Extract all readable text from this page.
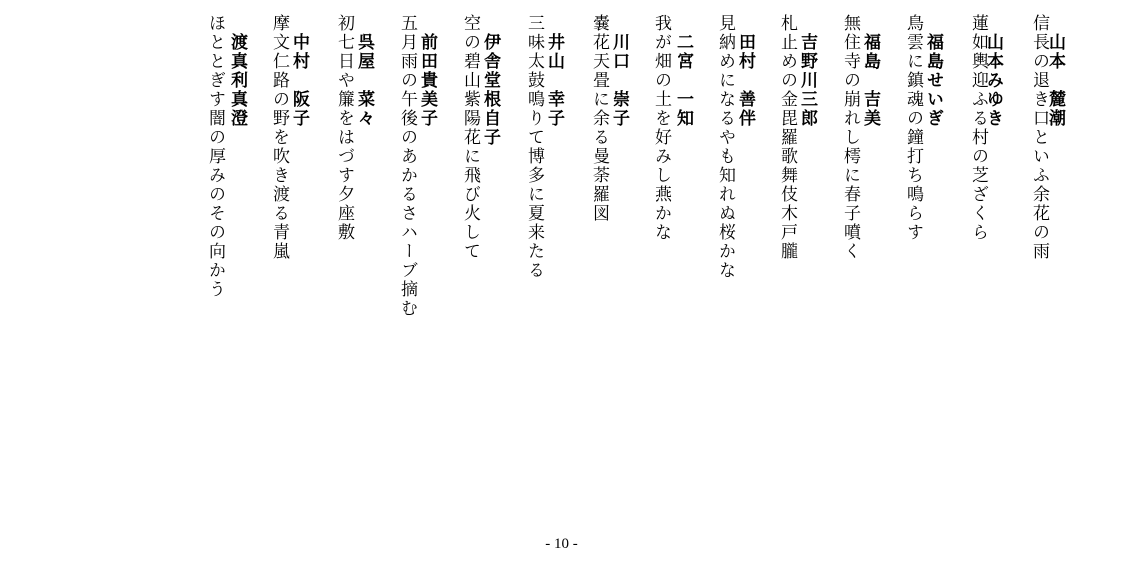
山本　麓潮
信長の退き口といふ余花の雨
山本みゆき
蓮如輿迎ふる村の芝ざくら
福島せいぎ
鳥雲に鎮魂の鐘打ち鳴らす
福島　吉美
無住寺の崩れし樗に春子噴く
吉野川三郎
札止めの金毘羅歌舞伎木戸朧
田村　善伴
見納めになるやも知れぬ桜かな
二宮　一知
我が畑の土を好みし燕かな
川口　崇子
嚢花天畳に余る曼荼羅図
井山　幸子
三味太鼓鳴りて博多に夏来たる
伊舎堂根自子
空の碧山紫陽花に飛び火して
前田貴美子
五月雨の午後のあかるさハーブ摘む
呉屋　菜々
初七日や簾をはづす夕座敷
中村　阪子
摩文仁路の野を吹き渡る青嵐
渡真利真澄
ほととぎす闇の厚みのその向かう
- 10 -
